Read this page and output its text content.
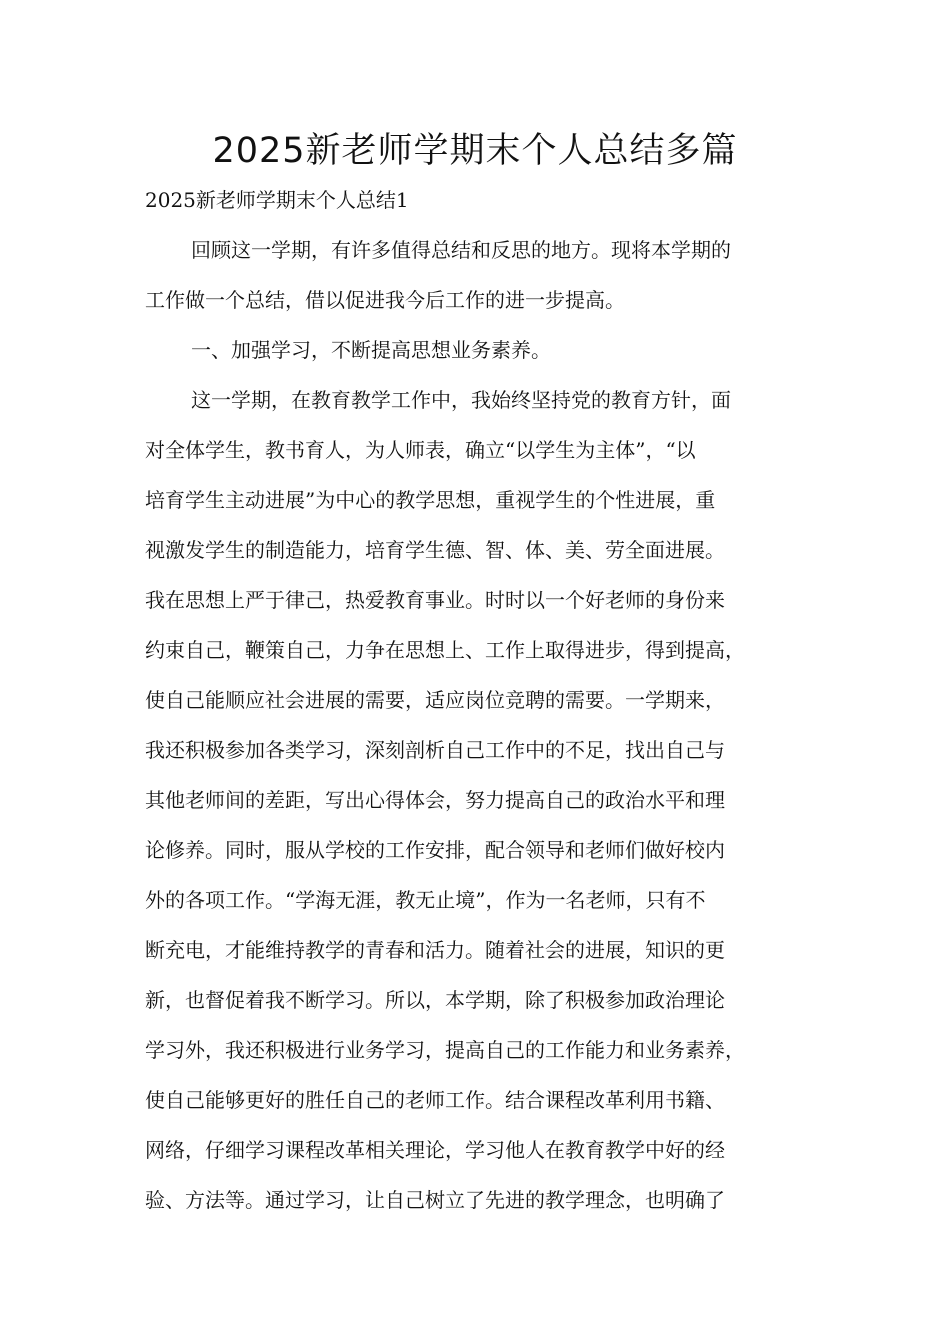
2025新老师学期末个人总结多篇
2025新老师学期末个人总结1
回顾这一学期，有许多值得总结和反思的地方。现将本学期的
工作做一个总结，借以促进我今后工作的进一步提高。
一、加强学习，不断提高思想业务素养。
这一学期，在教育教学工作中，我始终坚持党的教育方针，面
对全体学生，教书育人，为人师表，确立“以学生为主体”，“以
培育学生主动进展”为中心的教学思想，重视学生的个性进展，重
视激发学生的制造能力，培育学生德、智、体、美、劳全面进展。
我在思想上严于律己，热爱教育事业。时时以一个好老师的身份来
约束自己，鞭策自己，力争在思想上、工作上取得进步，得到提高，
使自己能顺应社会进展的需要，适应岗位竞聘的需要。一学期来，
我还积极参加各类学习，深刻剖析自己工作中的不足，找出自己与
其他老师间的差距，写出心得体会，努力提高自己的政治水平和理
论修养。同时，服从学校的工作安排，配合领导和老师们做好校内
外的各项工作。“学海无涯，教无止境”，作为一名老师，只有不
断充电，才能维持教学的青春和活力。随着社会的进展，知识的更
新，也督促着我不断学习。所以，本学期，除了积极参加政治理论
学习外，我还积极进行业务学习，提高自己的工作能力和业务素养，
使自己能够更好的胜任自己的老师工作。结合课程改革利用书籍、
网络，仔细学习课程改革相关理论，学习他人在教育教学中好的经
验、方法等。通过学习，让自己树立了先进的教学理念，也明确了
